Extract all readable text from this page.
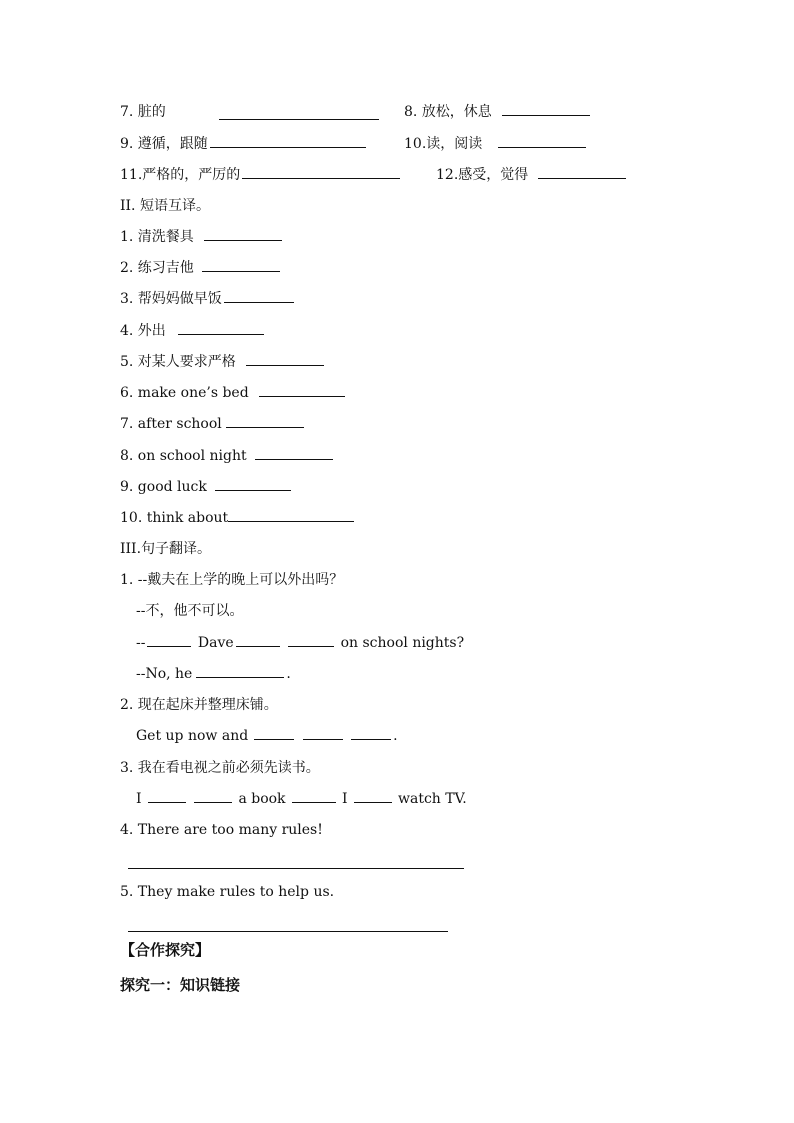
7. 脏的	8. 放松，休息
9. 遵循，跟随	10.读，阅读
11.严格的，严厉的	12.感受，觉得
II. 短语互译。
1. 清洗餐具
2. 练习吉他
3. 帮妈妈做早饭
4. 外出
5. 对某人要求严格
6. make one’s bed
7. after school
8. on school night
9. good luck
10. think about
III.句子翻译。
1. --戴夫在上学的晚上可以外出吗？
--不，他不可以。
--	Dave	on school nights?
--No, he	.
2. 现在起床并整理床铺。
Get up now and	.
3. 我在看电视之前必须先读书。
I	a book	I	watch TV.
4. There are too many rules!
5. They make rules to help us.
【合作探究】
探究一：知识链接
